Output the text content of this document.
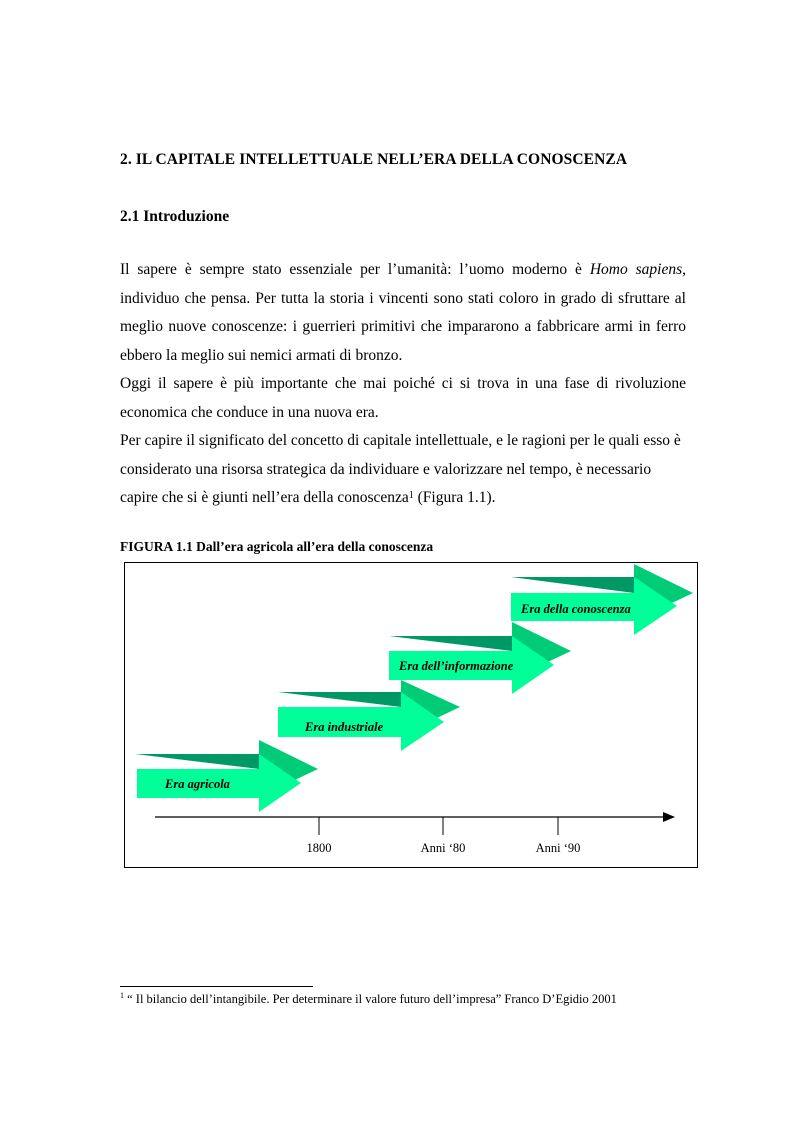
2. IL CAPITALE INTELLETTUALE NELL’ERA DELLA CONOSCENZA
2.1 Introduzione

Il sapere è sempre stato essenziale per l’umanità: l’uomo moderno è Homo sapiens, individuo che pensa. Per tutta la storia i vincenti sono stati coloro in grado di sfruttare al meglio nuove conoscenze: i guerrieri primitivi che impararono a fabbricare armi in ferro ebbero la meglio sui nemici armati di bronzo.

Oggi il sapere è più importante che mai poiché ci si trova in una fase di rivoluzione economica che conduce in una nuova era.

Per capire il significato del concetto di capitale intellettuale, e le ragioni per le quali esso è considerato una risorsa strategica da individuare e valorizzare nel tempo, è necessario capire che si è giunti nell’era della conoscenza$^1$ (Figura 1.1).

FIGURA 1.1 Dall’era agricola all’era della conoscenza

Era agricola
Era industriale
Era dell’informazione
Era della conoscenza
1800	Anni ‘80	Anni ‘90

$^1$ “ Il bilancio dell’intangibile. Per determinare il valore futuro dell’impresa” Franco D’Egidio 2001
